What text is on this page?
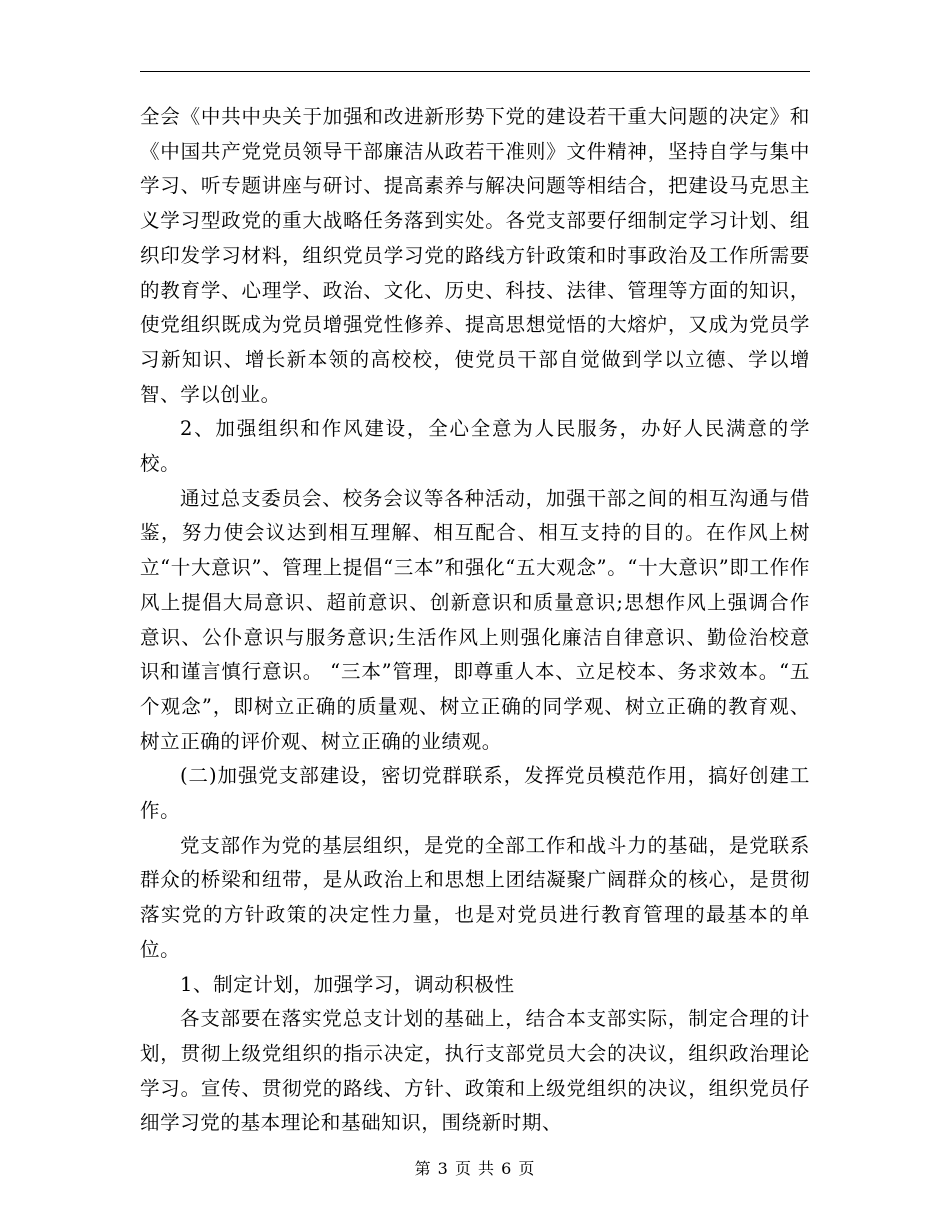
全会《中共中央关于加强和改进新形势下党的建设若干重大问题的决定》和《中国共产党党员领导干部廉洁从政若干准则》文件精神，坚持自学与集中学习、听专题讲座与研讨、提高素养与解决问题等相结合，把建设马克思主义学习型政党的重大战略任务落到实处。各党支部要仔细制定学习计划、组织印发学习材料，组织党员学习党的路线方针政策和时事政治及工作所需要的教育学、心理学、政治、文化、历史、科技、法律、管理等方面的知识，使党组织既成为党员增强党性修养、提高思想觉悟的大熔炉，又成为党员学习新知识、增长新本领的高校校，使党员干部自觉做到学以立德、学以增智、学以创业。

2、加强组织和作风建设，全心全意为人民服务，办好人民满意的学校。

通过总支委员会、校务会议等各种活动，加强干部之间的相互沟通与借鉴，努力使会议达到相互理解、相互配合、相互支持的目的。在作风上树立“十大意识”、管理上提倡“三本”和强化“五大观念”。“十大意识”即工作作风上提倡大局意识、超前意识、创新意识和质量意识;思想作风上强调合作意识、公仆意识与服务意识;生活作风上则强化廉洁自律意识、勤俭治校意识和谨言慎行意识。 “三本”管理，即尊重人本、立足校本、务求效本。“五个观念”，即树立正确的质量观、树立正确的同学观、树立正确的教育观、树立正确的评价观、树立正确的业绩观。

(二)加强党支部建设，密切党群联系，发挥党员模范作用，搞好创建工作。

党支部作为党的基层组织，是党的全部工作和战斗力的基础，是党联系群众的桥梁和纽带，是从政治上和思想上团结凝聚广阔群众的核心，是贯彻落实党的方针政策的决定性力量，也是对党员进行教育管理的最基本的单位。

1、制定计划，加强学习，调动积极性

各支部要在落实党总支计划的基础上，结合本支部实际，制定合理的计划，贯彻上级党组织的指示决定，执行支部党员大会的决议，组织政治理论学习。宣传、贯彻党的路线、方针、政策和上级党组织的决议，组织党员仔细学习党的基本理论和基础知识，围绕新时期、

第 3 页 共 6 页
